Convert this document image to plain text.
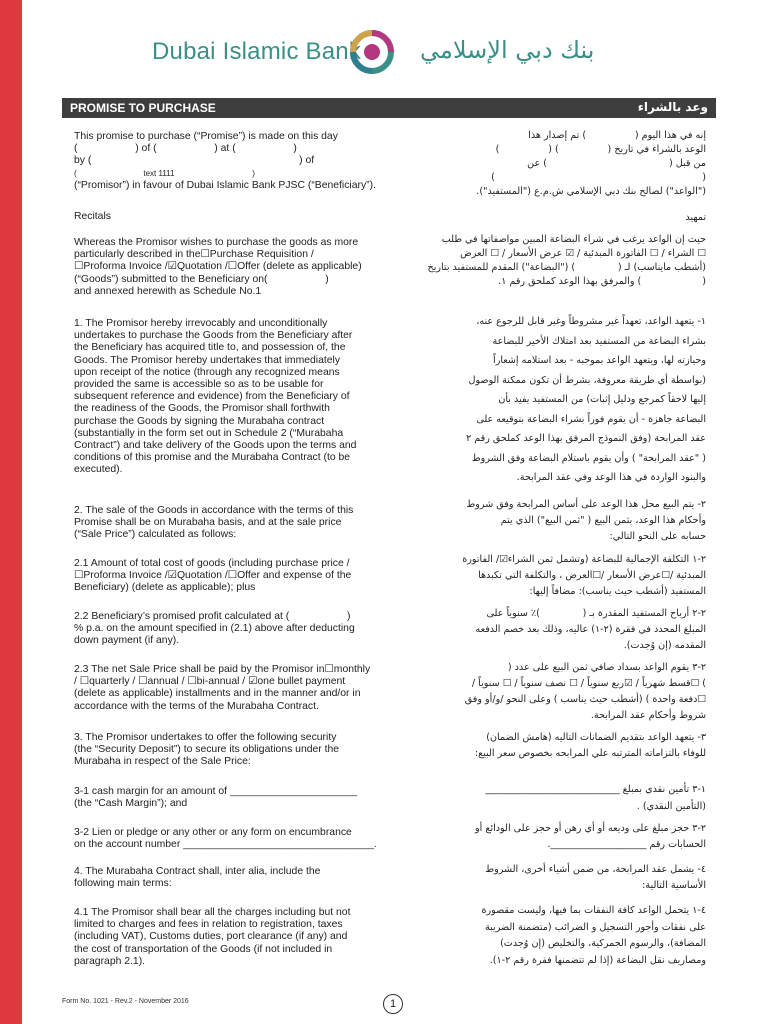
Dubai Islamic Bank بنك دبي الإسلامي
PROMISE TO PURCHASE	وعد بالشراء
This promise to purchase (“Promise”) is made on this day
(                    ) of (                    ) at (                    )
by (                                                                        ) of
(                              text 1111                                   )
(“Promisor”) in favour of Dubai Islamic Bank PJSC (“Beneficiary”).
Recitals
Whereas the Promisor wishes to purchase the goods as more
particularly described in the☐Purchase Requisition /
☐Proforma Invoice /☑Quotation /☐Offer (delete as applicable)
(“Goods”) submitted to the Beneficiary on(                    )
and annexed herewith as Schedule No.1
1. The Promisor hereby irrevocably and unconditionally
undertakes to purchase the Goods from the Beneficiary after
the Beneficiary has acquired title to, and possession of, the
Goods. The Promisor hereby undertakes that immediately
upon receipt of the notice (through any recognized means
provided the same is accessible so as to be usable for
subsequent reference and evidence) from the Beneficiary of
the readiness of the Goods, the Promisor shall forthwith
purchase the Goods by signing the Murabaha contract
(substantially in the form set out in Schedule 2 (“Murabaha
Contract”) and take delivery of the Goods upon the terms and
conditions of this promise and the Murabaha Contract (to be
executed).
2. The sale of the Goods in accordance with the terms of this
Promise shall be on Murabaha basis, and at the sale price
(“Sale Price”) calculated as follows:
2.1 Amount of total cost of goods (including purchase price /
☐Proforma Invoice /☑Quotation /☐Offer and expense of the
Beneficiary) (delete as applicable); plus
2.2 Beneficiary’s promised profit calculated at (                    )
% p.a. on the amount specified in (2.1) above after deducting
down payment (if any).
2.3 The net Sale Price shall be paid by the Promisor in☐monthly
/ ☐quarterly / ☐annual / ☐bi-annual / ☑one bullet payment
(delete as applicable) installments and in the manner and/or in
accordance with the terms of the Murabaha Contract.
3. The Promisor undertakes to offer the following security
(the “Security Deposit”) to secure its obligations under the
Murabaha in respect of the Sale Price:
3-1 cash margin for an amount of ______________________
(the “Cash Margin”); and
3-2 Lien or pledge or any other or any form on encumbrance
on the account number _________________________________.
4. The Murabaha Contract shall, inter alia, include the
following main terms:
4.1 The Promisor shall bear all the charges including but not
limited to charges and fees in relation to registration, taxes
(including VAT), Customs duties, port clearance (if any) and
the cost of transportation of the Goods (if not included in
paragraph 2.1).
إنه في هذا اليوم (                ) تم إصدار هذا
الوعد بالشراء في تاريخ (                ) (                )
من قبل (                                        ) عن
(                                                                    )
("الواعد") لصالح بنك دبي الإسلامي ش.م.ع ("المستفيد").
تمهيد
حيث إن الواعد يرغب في شراء البضاعة المبين مواصفاتها في طلب
☐ الشراء / ☐ الفاتورة المبدئية / ☑ عرض الأسعار / ☐ العرض
(أشطب مايناسب) لـ (              ) ("البضاعة") المقدم للمستفيد بتاريخ
(                    ) والمرفق بهذا الوعد كملحق رقم ١.
١- يتعهد الواعد، تعهداً غير مشروطاً وغير قابل للرجوع عنه،
بشراء البضاعة من المستفيد بعد امتلاك الأخير للبضاعة
وحيازته لها، ويتعهد الواعد بموجبه - بعد استلامه إشعاراً
(بواسطة أي طريقة معروفة، بشرط أن تكون ممكنة الوصول
إليها لاحقاً كمرجع ودليل إثبات) من المستفيد يفيد بأن
البضاعة جاهزة - أن يقوم فوراً بشراء البضاعة بتوقيعه على
عقد المرابحة (وفق النموذج المرفق بهذا الوعد كملحق رقم ٢
( "عقد المرابحة" ) وأن يقوم باستلام البضاعة وفق الشروط
والبنود الواردة في هذا الوعد وفي عقد المرابحة.
٢- يتم البيع محل هذا الوعد على أساس المرابحة وفق شروط
وأحكام هذا الوعد، بثمن البيع ( "ثمن البيع") الذي يتم
حسابه على النحو التالي:
٢-١ التكلفة الإجمالية للبضاعة (وتشمل ثمن الشراء☑/ الفاتورة
المبدئية /☐عرض الأسعار /☐العرض ، والتكلفة التي تكبدها
المستفيد (أشطب حيث يناسب): مضافاً إليها:
٢-٢ أرباح المستفيد المقدرة بـ (              )٪ سنوياً على
المبلغ المحدد في فقرة (٢-١) عاليه، وذلك بعد خصم الدفعه
المقدمه (إن وُجدت).
٢-٣ يقوم الواعد بسداد صافي ثمن البيع على عدد (
) ☐قسط شهرياً / ☑ربع سنوياً / ☐ نصف سنوياً / ☐ سنوياً /
☐دفعة واحدة ) (أشطب حيث يناسب ) وعلى النحو /و/أو وفق
شروط وأحكام عقد المرابحة.
٣- يتعهد الواعد بتقديم الضمانات التاليه (هامش الضمان)
للوفاء بالتزاماته المترتبه علي المرابحه بخصوص سعر البيع:
١-٣ تأمين نقدي بمبلغ ____________________________
(التأمين النقدي) .
٢-٣ حجز مبلغ على وديعه أو أي رهن أو حجز على الودائع أو
الحسابات رقم ____________________.
٤- يشمل عقد المرابحة، من ضمن أشياء أخرى، الشروط
الأساسية التالية:
٤-١ يتحمل الواعد كافة النفقات بما فيها، وليست مقصورة
على نفقات وأجور التسجيل و الضرائب (متضمنة الضريبة
المضافة)، والرسوم الجمركية، والتخليص (إن وُجدت)
ومصاريف نقل البضاعة (إذا لم تتضمنها فقرة رقم ٢-١).
Form No. 1021 - Rev.2 - November 2016	1
